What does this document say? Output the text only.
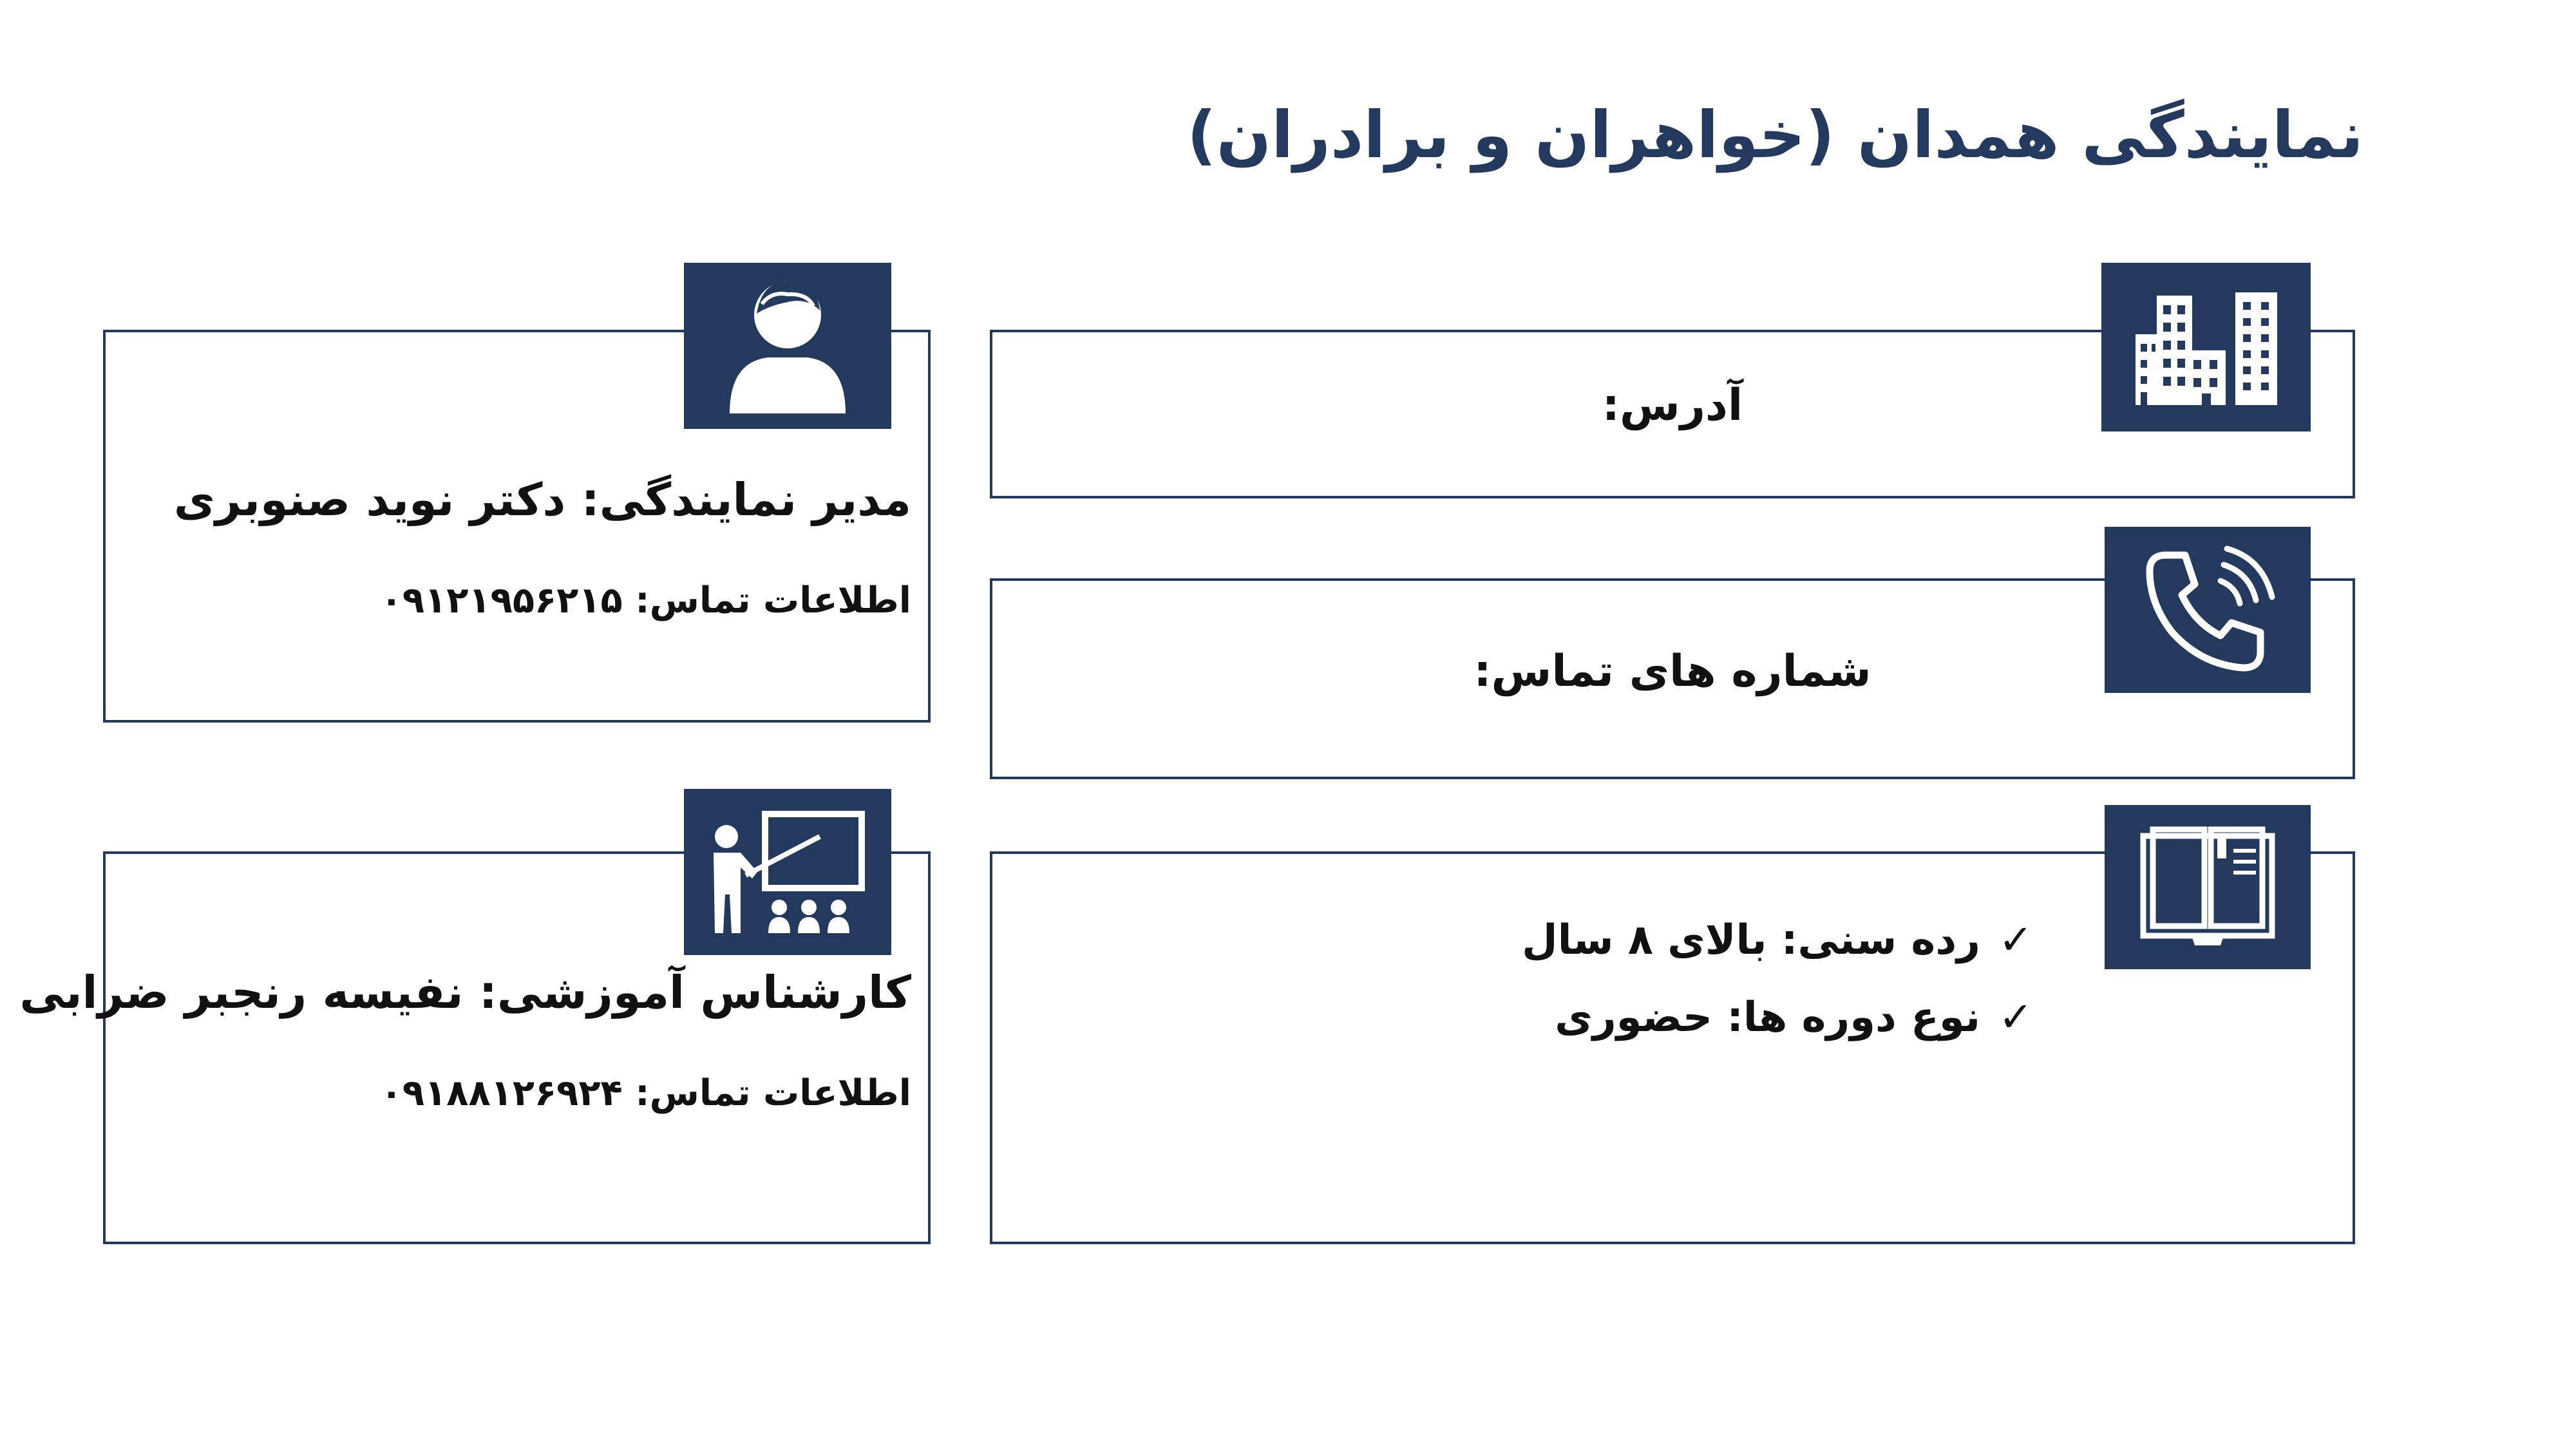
نمایندگی همدان (خواهران و برادران)
مدیر نمایندگی: دکتر نوید صنوبری
اطلاعات تماس: ۰۹۱۲۱۹۵۶۲۱۵
کارشناس آموزشی: نفیسه رنجبر ضرابی
اطلاعات تماس: ۰۹۱۸۸۱۲۶۹۲۴
آدرس:
شماره های تماس:
✓رده سنی: بالای ۸ سال
✓نوع دوره ها: حضوری
